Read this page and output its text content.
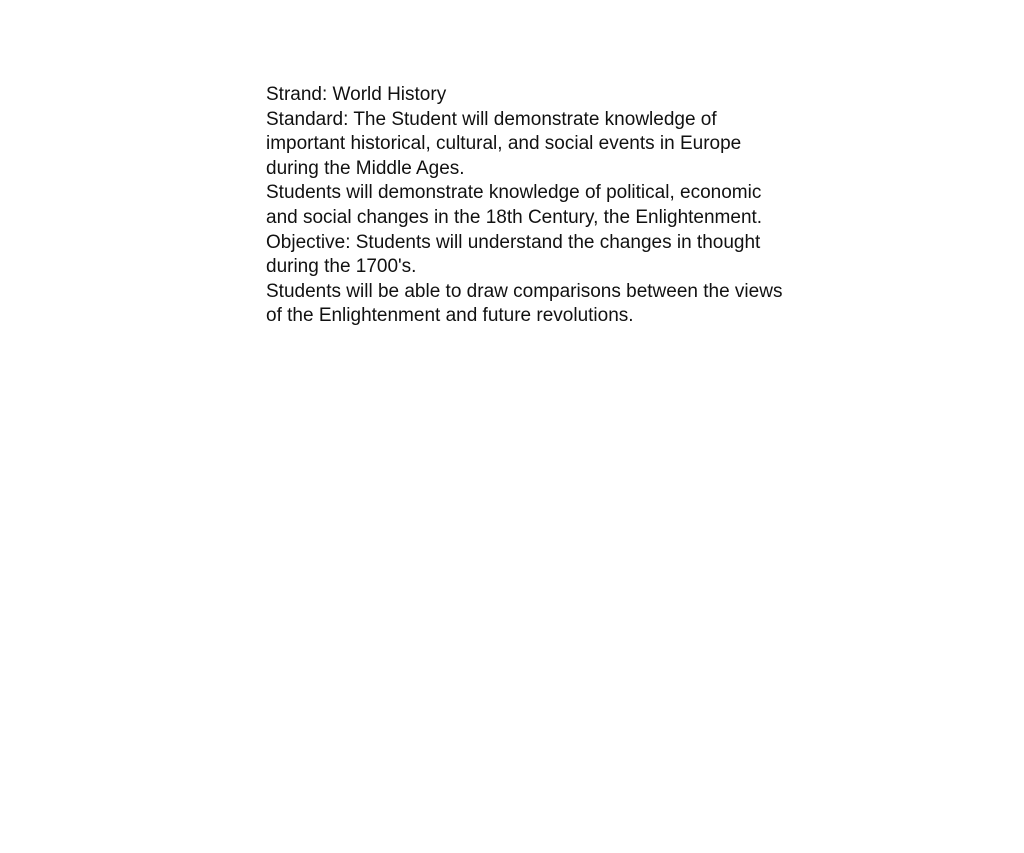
Strand: World History

Standard: The Student will demonstrate knowledge of important historical, cultural, and social events in Europe during the Middle Ages.

Students will demonstrate knowledge of political, economic and social changes in the 18th Century, the Enlightenment.

Objective: Students will understand the changes in thought during the 1700's.

Students will be able to draw comparisons between the views of the Enlightenment and future revolutions.
